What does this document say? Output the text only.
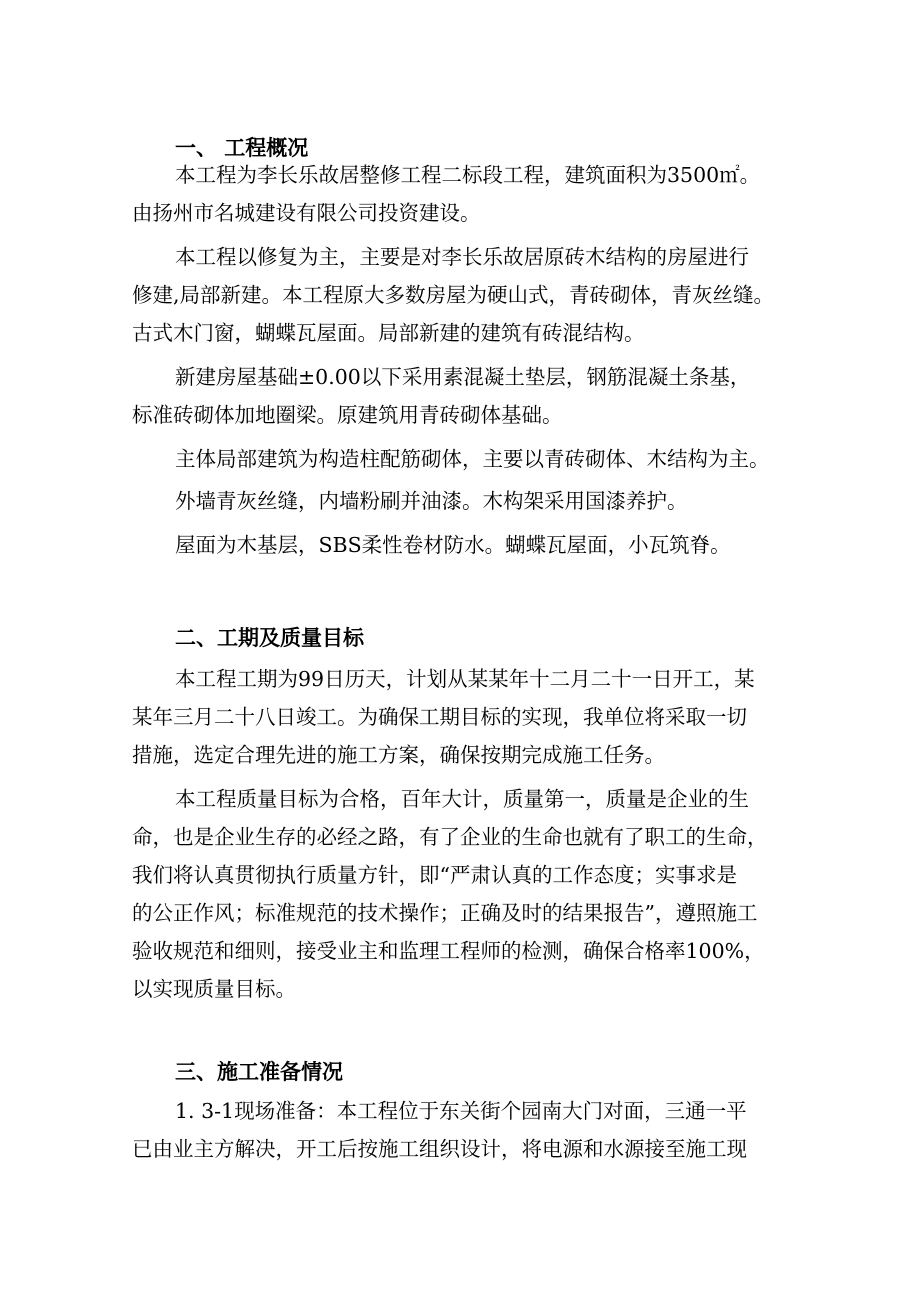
一、 工程概况
本工程为李长乐故居整修工程二标段工程，建筑面积为3500㎡。
由扬州市名城建设有限公司投资建设。
本工程以修复为主，主要是对李长乐故居原砖木结构的房屋进行
修建,局部新建。本工程原大多数房屋为硬山式，青砖砌体，青灰丝缝。
古式木门窗，蝴蝶瓦屋面。局部新建的建筑有砖混结构。
新建房屋基础±0.00以下采用素混凝土垫层，钢筋混凝土条基，
标准砖砌体加地圈梁。原建筑用青砖砌体基础。
主体局部建筑为构造柱配筋砌体，主要以青砖砌体、木结构为主。
外墙青灰丝缝，内墙粉刷并油漆。木构架采用国漆养护。
屋面为木基层，SBS柔性卷材防水。蝴蝶瓦屋面，小瓦筑脊。
二、工期及质量目标
本工程工期为99日历天，计划从某某年十二月二十一日开工，某
某年三月二十八日竣工。为确保工期目标的实现，我单位将采取一切
措施，选定合理先进的施工方案，确保按期完成施工任务。
本工程质量目标为合格，百年大计，质量第一，质量是企业的生
命，也是企业生存的必经之路，有了企业的生命也就有了职工的生命，
我们将认真贯彻执行质量方针，即“严肃认真的工作态度；实事求是
的公正作风；标准规范的技术操作；正确及时的结果报告”，遵照施工
验收规范和细则，接受业主和监理工程师的检测，确保合格率100%，
以实现质量目标。
三、施工准备情况
1. 3-1现场准备：本工程位于东关街个园南大门对面，三通一平
已由业主方解决，开工后按施工组织设计，将电源和水源接至施工现
